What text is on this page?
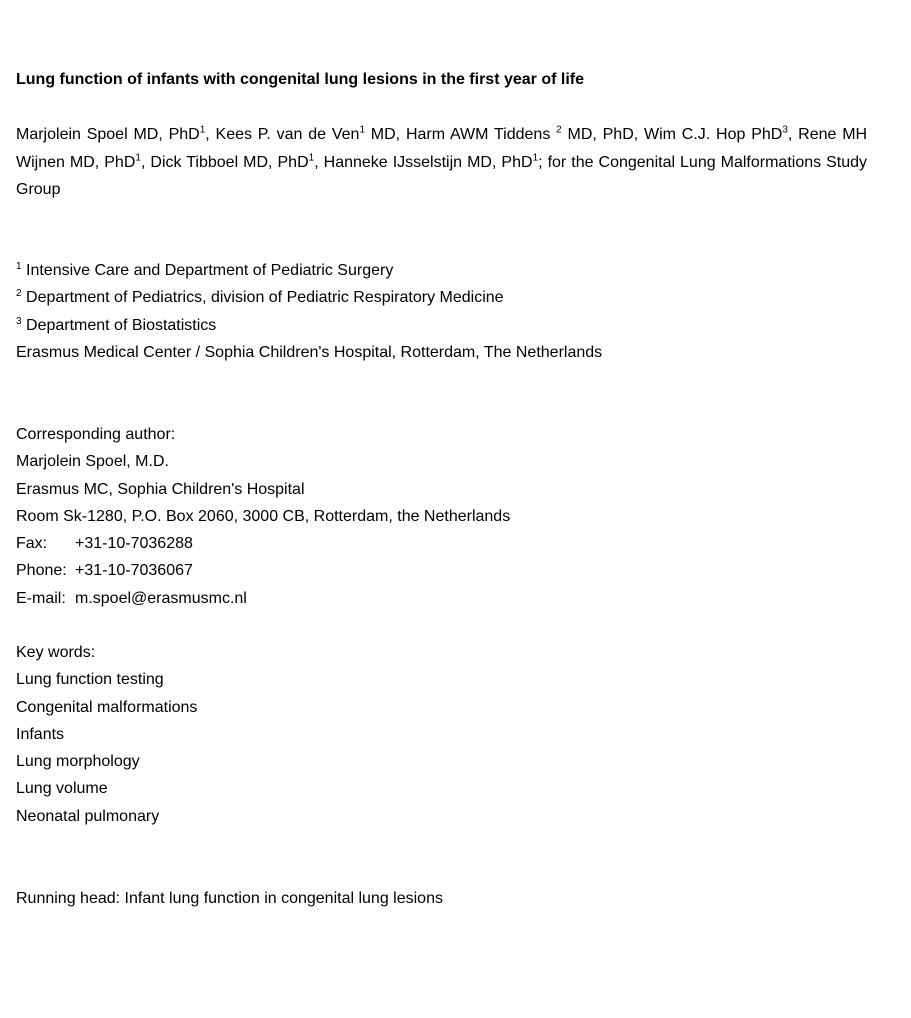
Lung function of infants with congenital lung lesions in the first year of life
Marjolein Spoel MD, PhD$^1$, Kees P. van de Ven$^1$ MD, Harm AWM Tiddens $^2$ MD, PhD, Wim C.J. Hop PhD$^3$, Rene MH Wijnen MD, PhD$^1$, Dick Tibboel MD, PhD$^1$, Hanneke IJsselstijn MD, PhD$^1$; for the Congenital Lung Malformations Study Group
$^1$ Intensive Care and Department of Pediatric Surgery
$^2$ Department of Pediatrics, division of Pediatric Respiratory Medicine
$^3$ Department of Biostatistics
Erasmus Medical Center / Sophia Children's Hospital, Rotterdam, The Netherlands
Corresponding author:
Marjolein Spoel, M.D.
Erasmus MC, Sophia Children's Hospital
Room Sk-1280, P.O. Box 2060, 3000 CB, Rotterdam, the Netherlands
Fax: +31-10-7036288
Phone: +31-10-7036067
E-mail: m.spoel@erasmusmc.nl
Key words:
Lung function testing
Congenital malformations
Infants
Lung morphology
Lung volume
Neonatal pulmonary
Running head: Infant lung function in congenital lung lesions
